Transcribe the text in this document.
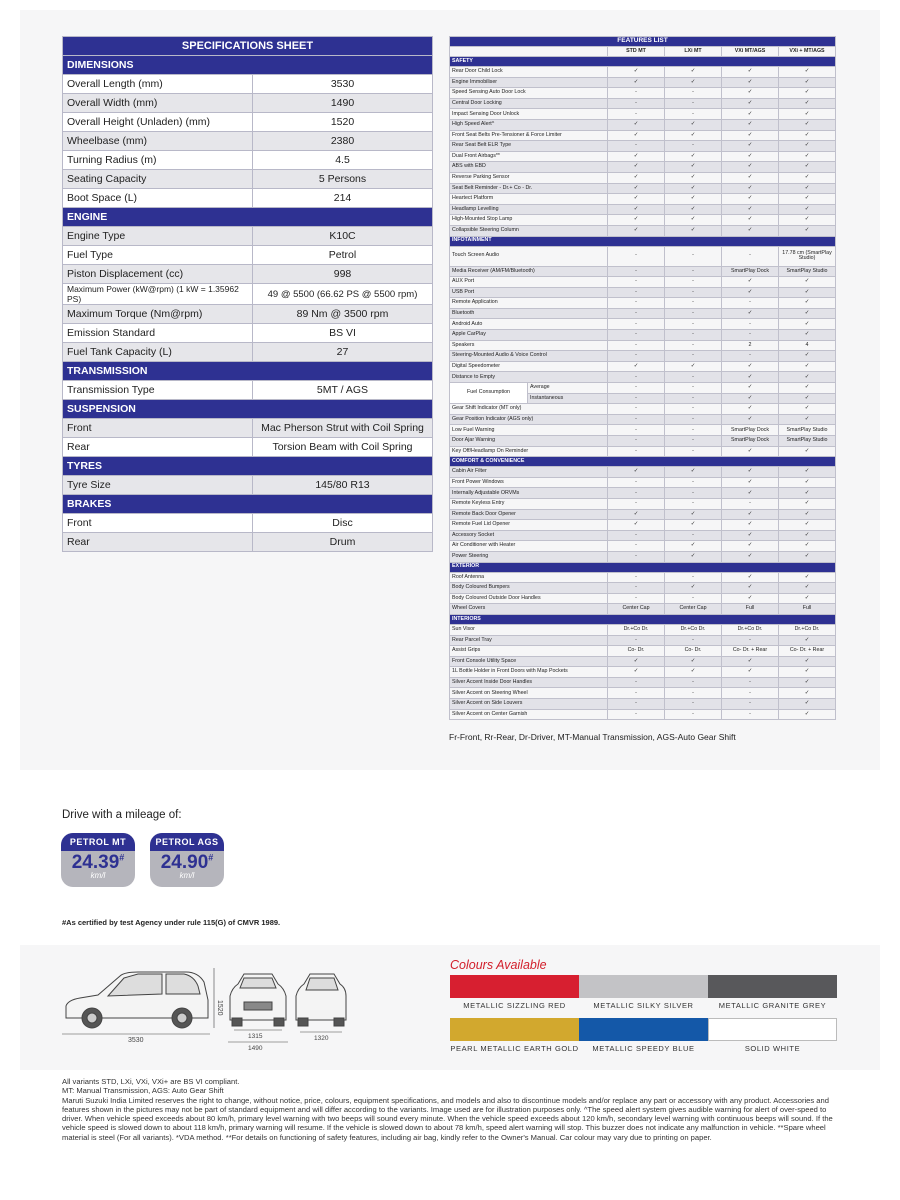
SPECIFICATIONS SHEET	
DIMENSIONS	
Overall Length (mm)	3530
Overall Width (mm)	1490
Overall Height (Unladen) (mm)	1520
Wheelbase (mm)	2380
Turning Radius (m)	4.5
Seating Capacity	5 Persons
Boot Space (L)	214
ENGINE	
Engine Type	K10C
Fuel Type	Petrol
Piston Displacement (cc)	998
Maximum Power (kW@rpm) (1 kW = 1.35962 PS)	49 @ 5500 (66.62 PS @ 5500 rpm)
Maximum Torque (Nm@rpm)	89 Nm @ 3500 rpm
Emission Standard	BS VI
Fuel Tank Capacity (L)	27
TRANSMISSION	
Transmission Type	5MT / AGS
SUSPENSION	
Front	Mac Pherson Strut with Coil Spring
Rear	Torsion Beam with Coil Spring
TYRES	
Tyre Size	145/80 R13
BRAKES	
Front	Disc
Rear	Drum
FEATURES LIST					
		STD MT	LXi MT	VXi MT/AGS	VXi + MT/AGS
SAFETY					
Rear Door Child Lock		✓	✓	✓	✓
Engine Immobiliser		✓	✓	✓	✓
Speed Sensing Auto Door Lock		-	-	✓	✓
Central Door Locking		-	-	✓	✓
Impact Sensing Door Unlock		-	-	✓	✓
High Speed Alert^		✓	✓	✓	✓
Front Seat Belts Pre-Tensioner & Force Limiter		✓	✓	✓	✓
Rear Seat Belt ELR Type		-	-	✓	✓
Dual Front Airbags**		✓	✓	✓	✓
ABS with EBD		✓	✓	✓	✓
Reverse Parking Sensor		✓	✓	✓	✓
Seat Belt Reminder - Dr.+ Co - Dr.		✓	✓	✓	✓
Heartect Platform		✓	✓	✓	✓
Headlamp Levelling		✓	✓	✓	✓
High-Mounted Stop Lamp		✓	✓	✓	✓
Collapsible Steering Column		✓	✓	✓	✓
INFOTAINMENT					
Touch Screen Audio		-	-	-	17.78 cm (SmartPlay Studio)
Media Receiver (AM/FM/Bluetooth)		-	-	SmartPlay Dock	SmartPlay Studio
AUX Port		-	-	✓	✓
USB Port		-	-	✓	✓
Remote Application		-	-	-	✓
Bluetooth		-	-	✓	✓
Android Auto		-	-	-	✓
Apple CarPlay		-	-	-	✓
Speakers		-	-	2	4
Steering-Mounted Audio & Voice Control		-	-	-	✓
Digital Speedometer		✓	✓	✓	✓
Distance to Empty		-	-	✓	✓
Fuel Consumption	Average	-	-	✓	✓
	Instantaneous	-	-	✓	✓
Gear Shift Indicator (MT only)		-	-	✓	✓
Gear Position Indicator (AGS only)		-	-	✓	✓
Low Fuel Warning		-	-	SmartPlay Dock	SmartPlay Studio
Door Ajar Warning		-	-	SmartPlay Dock	SmartPlay Studio
Key Off/Headlamp On Reminder		-	-	✓	✓
COMFORT & CONVENIENCE					
Cabin Air Filter		✓	✓	✓	✓
Front Power Windows		-	-	✓	✓
Internally Adjustable ORVMs		-	-	✓	✓
Remote Keyless Entry		-	-	-	✓
Remote Back Door Opener		✓	✓	✓	✓
Remote Fuel Lid Opener		✓	✓	✓	✓
Accessory Socket		-	-	✓	✓
Air Conditioner with Heater		-	✓	✓	✓
Power Steering		-	✓	✓	✓
EXTERIOR					
Roof Antenna		-	-	✓	✓
Body Coloured Bumpers		-	✓	✓	✓
Body Coloured Outside Door Handles		-	-	✓	✓
Wheel Covers		Center Cap	Center Cap	Full	Full
INTERIORS					
Sun Visor		Dr.+Co Dr.	Dr.+Co Dr.	Dr.+Co Dr.	Dr.+Co Dr.
Rear Parcel Tray		-	-	-	✓
Assist Grips		Co- Dr.	Co- Dr.	Co- Dr. + Rear	Co- Dr. + Rear
Front Console Utility Space		✓	✓	✓	✓
1L Bottle Holder in Front Doors with Map Pockets		✓	✓	✓	✓
Silver Accent Inside Door Handles		-	-	-	✓
Silver Accent on Steering Wheel		-	-	-	✓
Silver Accent on Side Louvers		-	-	-	✓
Silver Accent on Center Garnish		-	-	-	✓
Fr-Front, Rr-Rear, Dr-Driver, MT-Manual Transmission, AGS-Auto Gear Shift
Drive with a mileage of:
PETROL MT
24.39#
km/l
PETROL AGS
24.90#
km/l
#As certified by test Agency under rule 115(G) of CMVR 1989.
3530
1520
1315
1490
1320
Colours Available
METALLIC SIZZLING RED	METALLIC SILKY SILVER	METALLIC GRANITE GREY
PEARL METALLIC EARTH GOLD	METALLIC SPEEDY BLUE	SOLID WHITE
All variants STD, LXi, VXi, VXi+ are BS VI compliant.
MT: Manual Transmission, AGS: Auto Gear Shift
Maruti Suzuki India Limited reserves the right to change, without notice, price, colours, equipment specifications, and models and also to discontinue models and/or replace any part or accessory with any product. Accessories and features shown in the pictures may not be part of standard equipment and will differ according to the variants. Image used are for illustration purposes only. ^The speed alert system gives audible warning for alert of over-speed to driver. When vehicle speed exceeds about 80 km/h, primary level warning with two beeps will sound every minute. When the vehicle speed exceeds about 120 km/h, secondary level warning with continuous beeps will sound. If the vehicle speed is slowed down to about 118 km/h, primary warning will resume. If the vehicle is slowed down to about 78 km/h, speed alert warning will stop. This buzzer does not indicate any malfunction in vehicle. **Spare wheel material is steel (For all variants). *VDA method. **For details on functioning of safety features, including air bag, kindly refer to the Owner's Manual. Car colour may vary due to printing on paper.
